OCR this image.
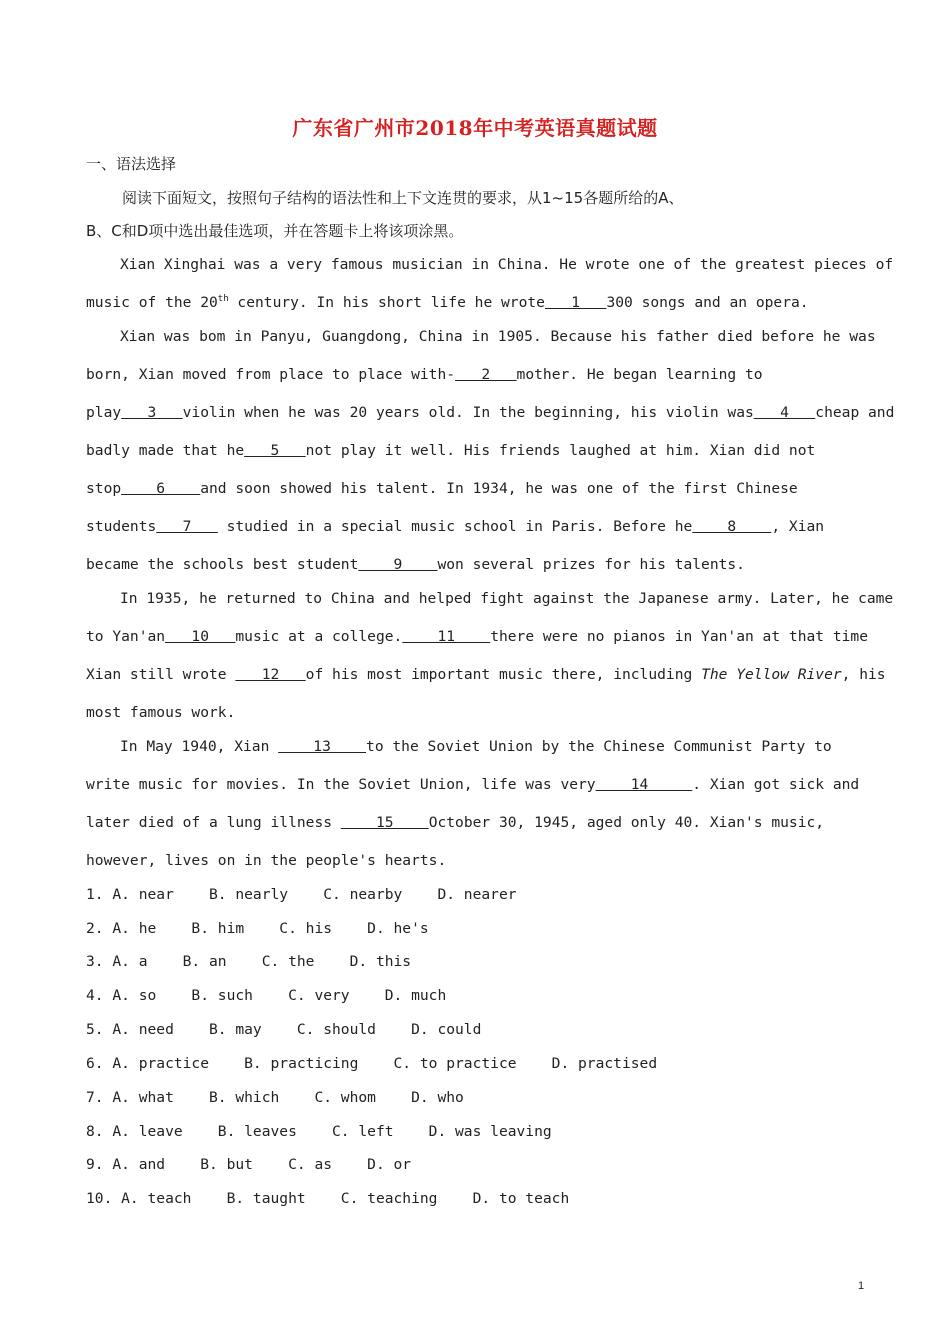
广东省广州市2018年中考英语真题试题
一、语法选择
阅读下面短文，按照句子结构的语法性和上下文连贯的要求，从1~15各题所给的A、
B、C和D项中选出最佳选项，并在答题卡上将该项涂黑。
Xian Xinghai was a very famous musician in China. He wrote one of the greatest pieces of
music of the 20th century. In his short life he wrote   1   300 songs and an opera.
Xian was bom in Panyu, Guangdong, China in 1905. Because his father died before he was
born, Xian moved from place to place with-   2   mother. He began learning to
play   3   violin when he was 20 years old. In the beginning, his violin was   4   cheap and
badly made that he   5   not play it well. His friends laughed at him. Xian did not
stop    6    and soon showed his talent. In 1934, he was one of the first Chinese
students   7    studied in a special music school in Paris. Before he    8    , Xian
became the schools best student    9    won several prizes for his talents.
In 1935, he returned to China and helped fight against the Japanese army. Later, he came
to Yan'an   10   music at a college.    11    there were no pianos in Yan'an at that time
Xian still wrote    12   of his most important music there, including The Yellow River, his
most famous work.
In May 1940, Xian     13    to the Soviet Union by the Chinese Communist Party to
write music for movies. In the Soviet Union, life was very    14     . Xian got sick and
later died of a lung illness     15    October 30, 1945, aged only 40. Xian's music,
however, lives on in the people's hearts.
1. A. near    B. nearly    C. nearby    D. nearer
2. A. he    B. him    C. his    D. he's
3. A. a    B. an    C. the    D. this
4. A. so    B. such    C. very    D. much
5. A. need    B. may    C. should    D. could
6. A. practice    B. practicing    C. to practice    D. practised
7. A. what    B. which    C. whom    D. who
8. A. leave    B. leaves    C. left    D. was leaving
9. A. and    B. but    C. as    D. or
10. A. teach    B. taught    C. teaching    D. to teach
1
